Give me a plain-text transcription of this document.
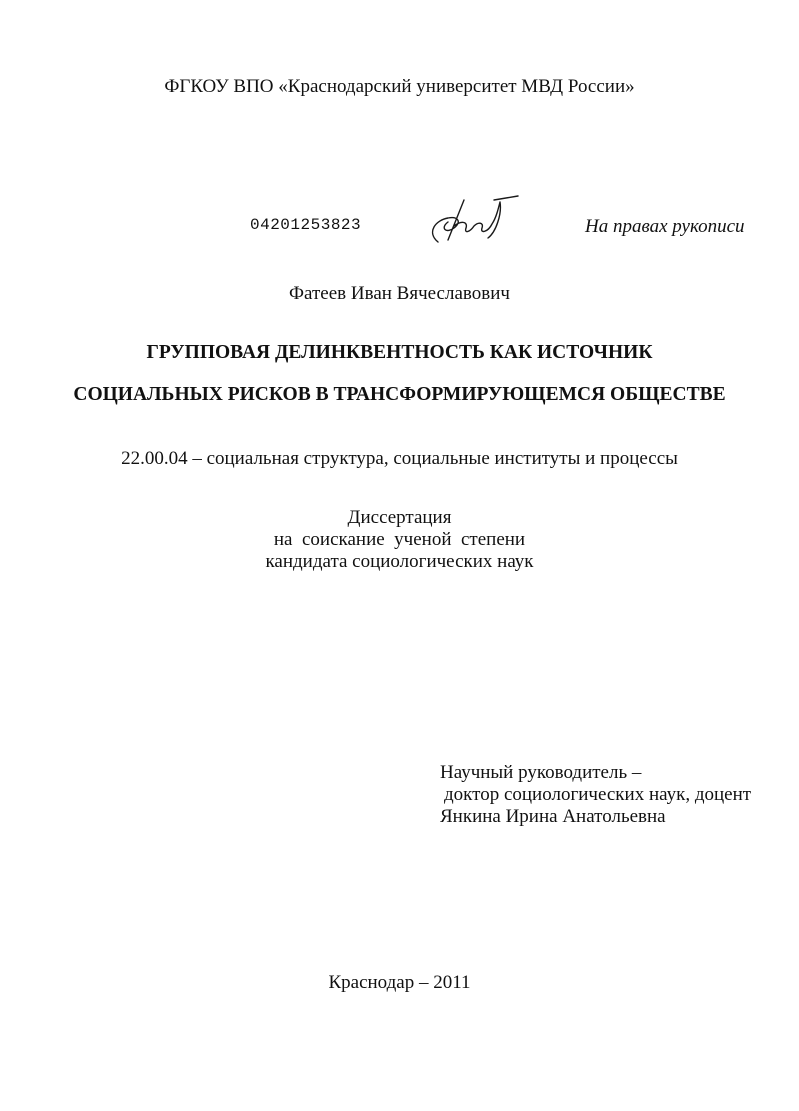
ФГКОУ ВПО «Краснодарский университет МВД России»
04201253823	На правах рукописи
Фатеев Иван Вячеславович
ГРУППОВАЯ ДЕЛИНКВЕНТНОСТЬ КАК ИСТОЧНИК
СОЦИАЛЬНЫХ РИСКОВ В ТРАНСФОРМИРУЮЩЕМСЯ ОБЩЕСТВЕ
22.00.04 – социальная структура, социальные институты и процессы
Диссертация
на  соискание  ученой  степени
кандидата социологических наук
Научный руководитель –
доктор социологических наук, доцент
Янкина Ирина Анатольевна
Краснодар – 2011
